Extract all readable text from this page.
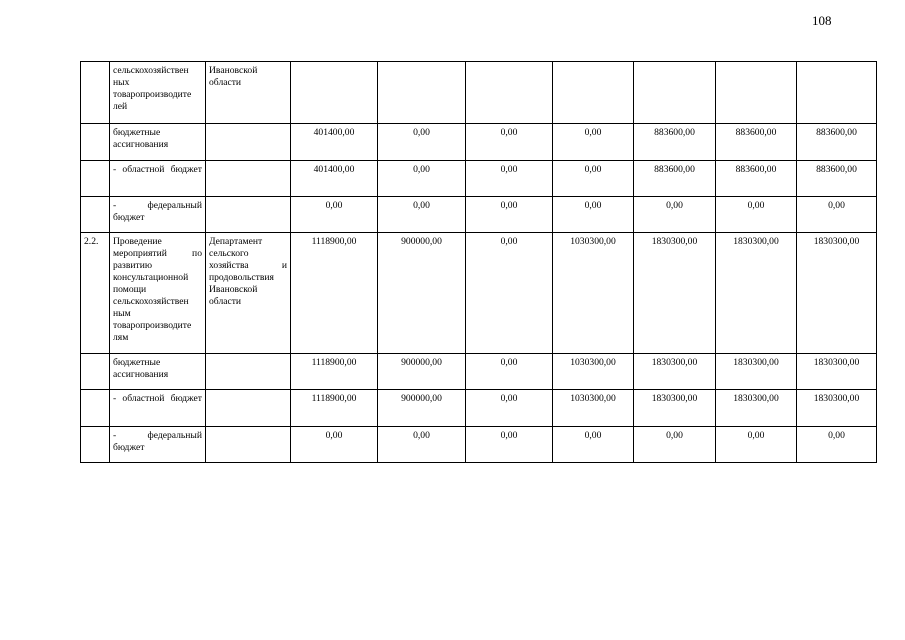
108
	сельскохозяйствен ных товаропроизводите лей	Ивановской области							
	бюджетные ассигнования		401400,00	0,00	0,00	0,00	883600,00	883600,00	883600,00
	- областной бюджет		401400,00	0,00	0,00	0,00	883600,00	883600,00	883600,00
	- федеральный бюджет		0,00	0,00	0,00	0,00	0,00	0,00	0,00
2.2.	Проведение мероприятий по развитию консультационной помощи сельскохозяйствен ным товаропроизводите лям	Департамент сельского хозяйства и продовольствия Ивановской области	1118900,00	900000,00	0,00	1030300,00	1830300,00	1830300,00	1830300,00
	бюджетные ассигнования		1118900,00	900000,00	0,00	1030300,00	1830300,00	1830300,00	1830300,00
	- областной бюджет		1118900,00	900000,00	0,00	1030300,00	1830300,00	1830300,00	1830300,00
	- федеральный бюджет		0,00	0,00	0,00	0,00	0,00	0,00	0,00
